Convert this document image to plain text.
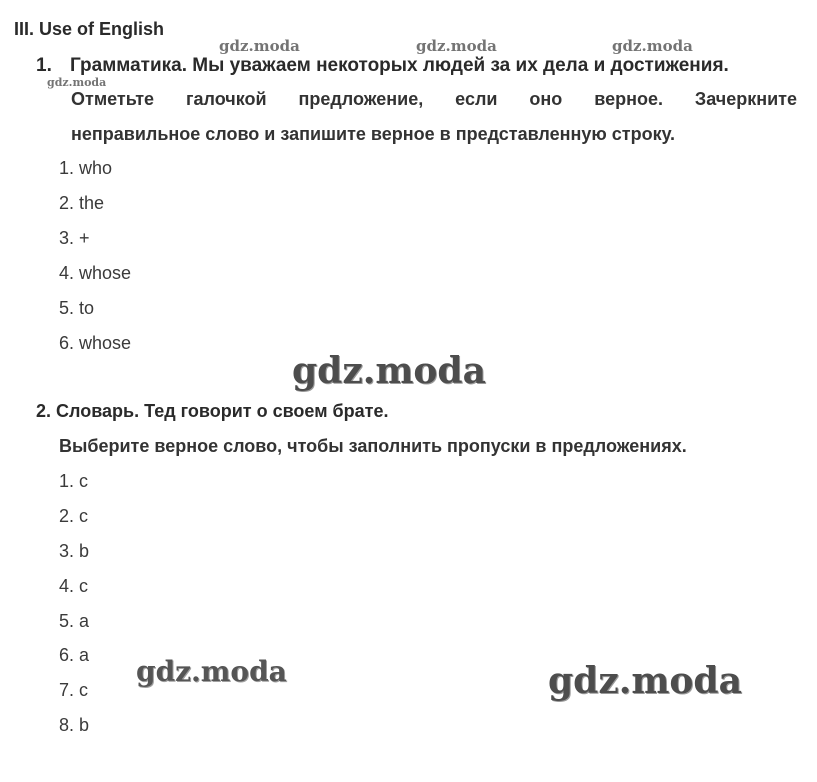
III. Use of English
1. Грамматика. Мы уважаем некоторых людей за их дела и достижения.
Отметьте галочкой предложение, если оно верное. Зачеркните
неправильное слово и запишите верное в представленную строку.
1. who
2. the
3. +
4. whose
5. to
6. whose
2. Словарь. Тед говорит о своем брате.
Выберите верное слово, чтобы заполнить пропуски в предложениях.
1. c
2. c
3. b
4. c
5. a
6. a
7. c
8. b
gdz.moda	gdz.moda	gdz.moda
gdz.moda
gdz.moda
gdz.moda	gdz.moda
